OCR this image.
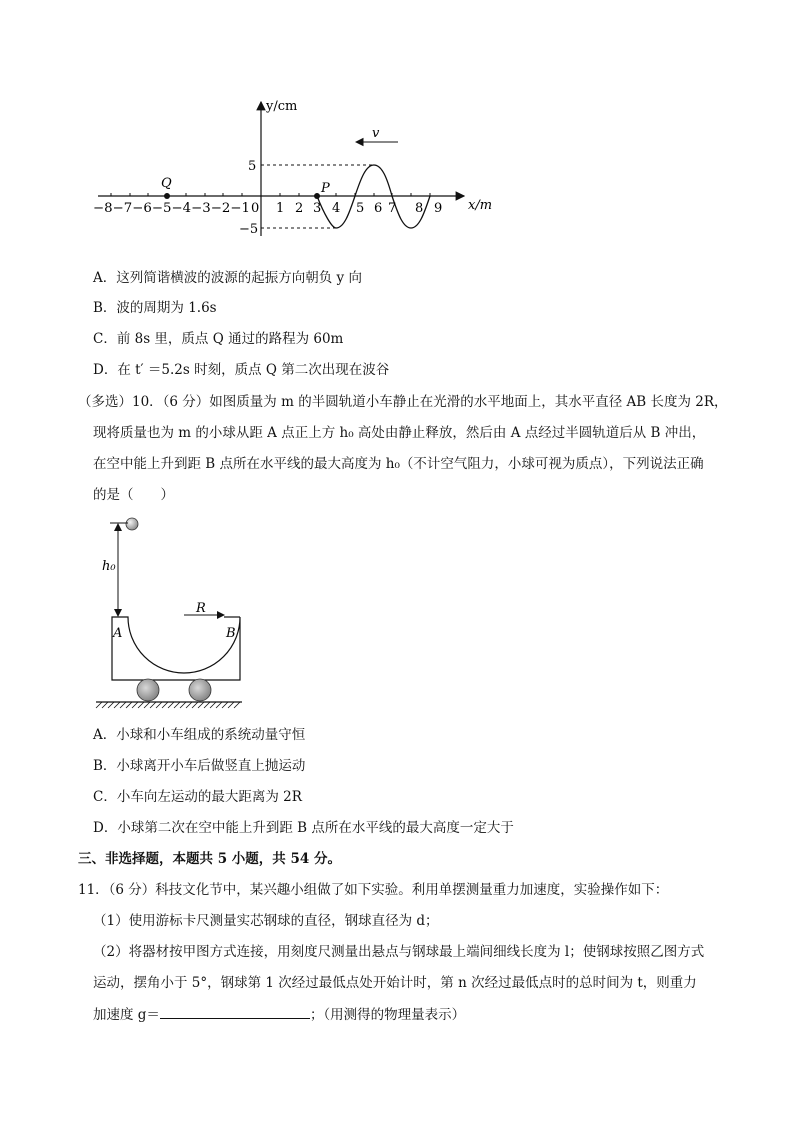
v
Q	P
y/cm
x/m
5
−5
0
−8−7−6−5−4−3−2−1 1 2 3 4 5 6 7 8 9
A．这列简谐横波的波源的起振方向朝负 y 向
B．波的周期为 1.6s
C．前 8s 里，质点 Q 通过的路程为 60m
D．在 t′ ＝5.2s 时刻，质点 Q 第二次出现在波谷
（多选）10．（6 分）如图质量为 m 的半圆轨道小车静止在光滑的水平地面上，其水平直径 AB 长度为 2R，
现将质量也为 m 的小球从距 A 点正上方 h₀ 高处由静止释放，然后由 A 点经过半圆轨道后从 B 冲出，
在空中能上升到距 B 点所在水平线的最大高度为 h₀（不计空气阻力，小球可视为质点），下列说法正确
的是（　　）
h₀
R
A	B
A．小球和小车组成的系统动量守恒
B．小球离开小车后做竖直上抛运动
C．小车向左运动的最大距离为 2R
D．小球第二次在空中能上升到距 B 点所在水平线的最大高度一定大于
三、非选择题，本题共 5 小题，共 54 分。
11．（6 分）科技文化节中，某兴趣小组做了如下实验。利用单摆测量重力加速度，实验操作如下：
（1）使用游标卡尺测量实芯钢球的直径，钢球直径为 d；
（2）将器材按甲图方式连接，用刻度尺测量出悬点与钢球最上端间细线长度为 l；使钢球按照乙图方式
运动，摆角小于 5°，钢球第 1 次经过最低点处开始计时，第 n 次经过最低点时的总时间为 t，则重力
加速度 g＝	；（用测得的物理量表示）
